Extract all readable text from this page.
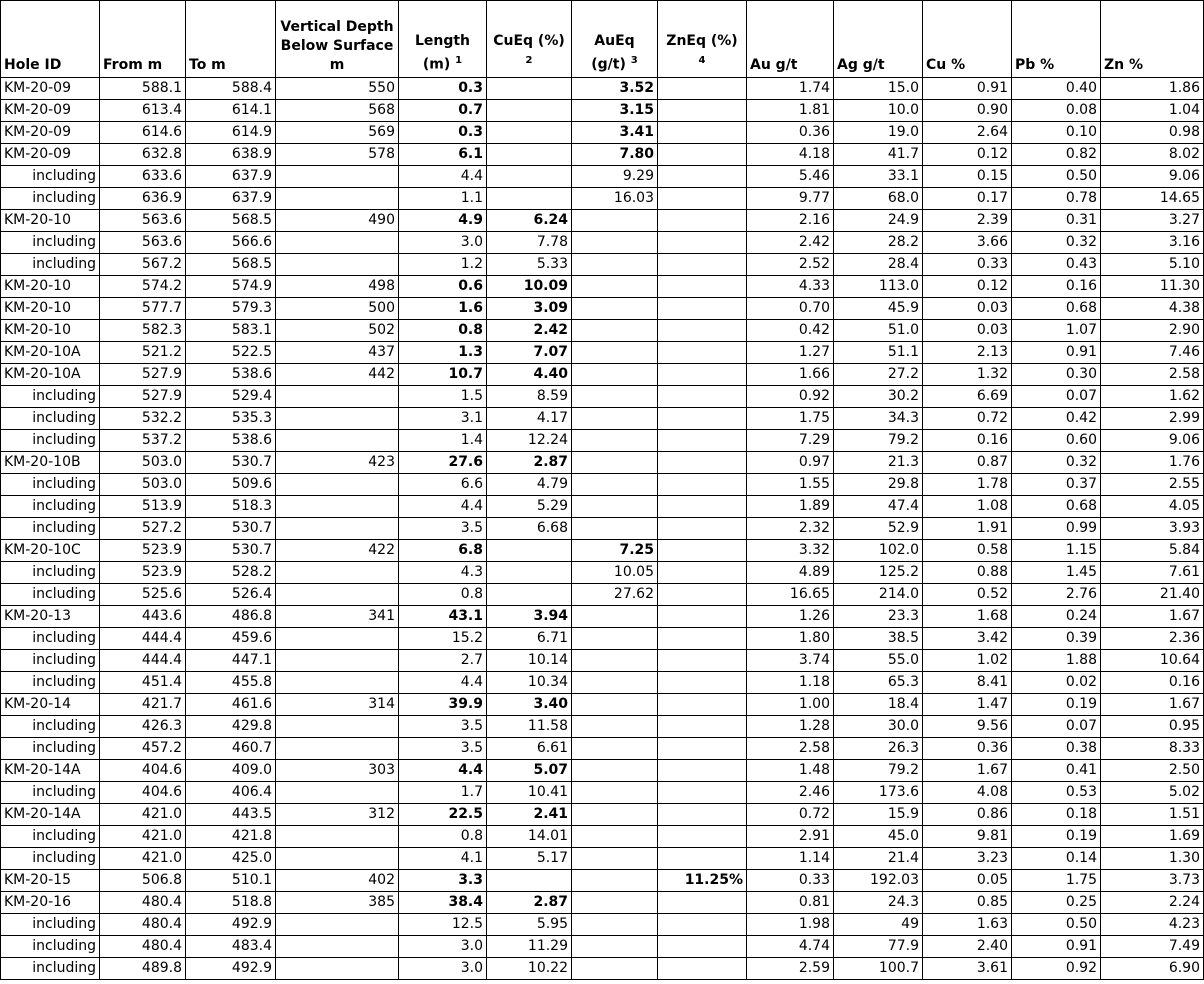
Hole ID	From m	To m	Vertical Depth Below Surface m	Length (m) $^1$	CuEq (%) $^2$	AuEq (g/t) $^3$	ZnEq (%) $^4$	Au g/t	Ag g/t	Cu %	Pb %	Zn %
KM-20-09	588.1	588.4	550	0.3		3.52		1.74	15.0	0.91	0.40	1.86
KM-20-09	613.4	614.1	568	0.7		3.15		1.81	10.0	0.90	0.08	1.04
KM-20-09	614.6	614.9	569	0.3		3.41		0.36	19.0	2.64	0.10	0.98
KM-20-09	632.8	638.9	578	6.1		7.80		4.18	41.7	0.12	0.82	8.02
including	633.6	637.9		4.4		9.29		5.46	33.1	0.15	0.50	9.06
including	636.9	637.9		1.1		16.03		9.77	68.0	0.17	0.78	14.65
KM-20-10	563.6	568.5	490	4.9	6.24			2.16	24.9	2.39	0.31	3.27
including	563.6	566.6		3.0	7.78			2.42	28.2	3.66	0.32	3.16
including	567.2	568.5		1.2	5.33			2.52	28.4	0.33	0.43	5.10
KM-20-10	574.2	574.9	498	0.6	10.09			4.33	113.0	0.12	0.16	11.30
KM-20-10	577.7	579.3	500	1.6	3.09			0.70	45.9	0.03	0.68	4.38
KM-20-10	582.3	583.1	502	0.8	2.42			0.42	51.0	0.03	1.07	2.90
KM-20-10A	521.2	522.5	437	1.3	7.07			1.27	51.1	2.13	0.91	7.46
KM-20-10A	527.9	538.6	442	10.7	4.40			1.66	27.2	1.32	0.30	2.58
including	527.9	529.4		1.5	8.59			0.92	30.2	6.69	0.07	1.62
including	532.2	535.3		3.1	4.17			1.75	34.3	0.72	0.42	2.99
including	537.2	538.6		1.4	12.24			7.29	79.2	0.16	0.60	9.06
KM-20-10B	503.0	530.7	423	27.6	2.87			0.97	21.3	0.87	0.32	1.76
including	503.0	509.6		6.6	4.79			1.55	29.8	1.78	0.37	2.55
including	513.9	518.3		4.4	5.29			1.89	47.4	1.08	0.68	4.05
including	527.2	530.7		3.5	6.68			2.32	52.9	1.91	0.99	3.93
KM-20-10C	523.9	530.7	422	6.8		7.25		3.32	102.0	0.58	1.15	5.84
including	523.9	528.2		4.3		10.05		4.89	125.2	0.88	1.45	7.61
including	525.6	526.4		0.8		27.62		16.65	214.0	0.52	2.76	21.40
KM-20-13	443.6	486.8	341	43.1	3.94			1.26	23.3	1.68	0.24	1.67
including	444.4	459.6		15.2	6.71			1.80	38.5	3.42	0.39	2.36
including	444.4	447.1		2.7	10.14			3.74	55.0	1.02	1.88	10.64
including	451.4	455.8		4.4	10.34			1.18	65.3	8.41	0.02	0.16
KM-20-14	421.7	461.6	314	39.9	3.40			1.00	18.4	1.47	0.19	1.67
including	426.3	429.8		3.5	11.58			1.28	30.0	9.56	0.07	0.95
including	457.2	460.7		3.5	6.61			2.58	26.3	0.36	0.38	8.33
KM-20-14A	404.6	409.0	303	4.4	5.07			1.48	79.2	1.67	0.41	2.50
including	404.6	406.4		1.7	10.41			2.46	173.6	4.08	0.53	5.02
KM-20-14A	421.0	443.5	312	22.5	2.41			0.72	15.9	0.86	0.18	1.51
including	421.0	421.8		0.8	14.01			2.91	45.0	9.81	0.19	1.69
including	421.0	425.0		4.1	5.17			1.14	21.4	3.23	0.14	1.30
KM-20-15	506.8	510.1	402	3.3			11.25%	0.33	192.03	0.05	1.75	3.73
KM-20-16	480.4	518.8	385	38.4	2.87			0.81	24.3	0.85	0.25	2.24
including	480.4	492.9		12.5	5.95			1.98	49	1.63	0.50	4.23
including	480.4	483.4		3.0	11.29			4.74	77.9	2.40	0.91	7.49
including	489.8	492.9		3.0	10.22			2.59	100.7	3.61	0.92	6.90
